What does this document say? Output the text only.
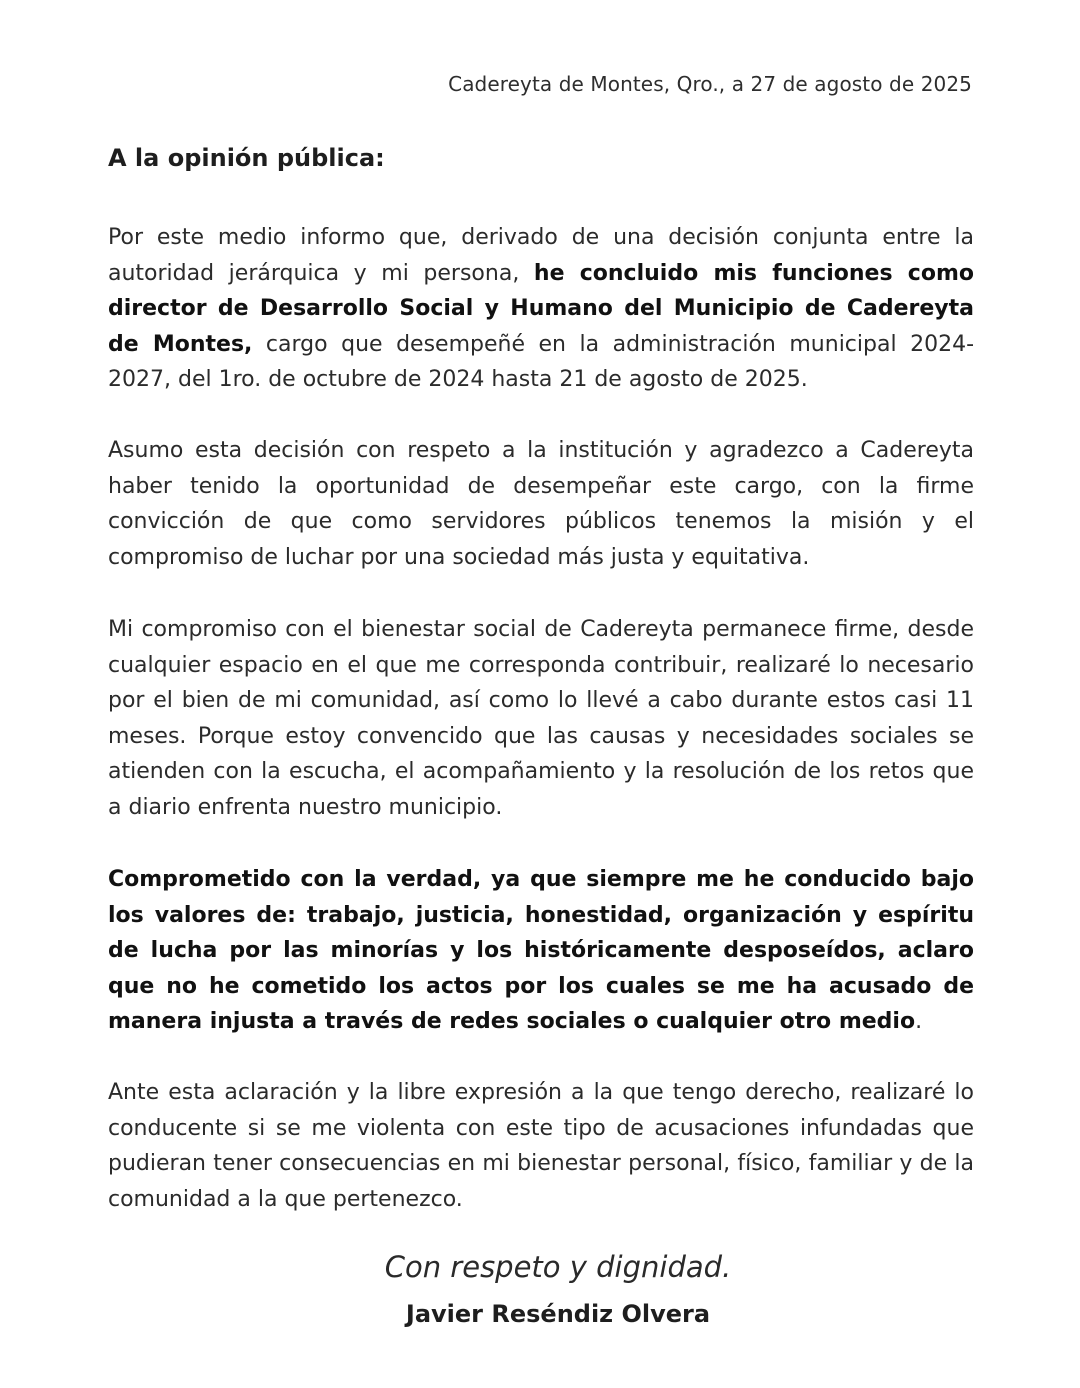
Cadereyta de Montes, Qro., a 27 de agosto de 2025
A la opinión pública:

Por este medio informo que, derivado de una decisión conjunta entre la autoridad jerárquica y mi persona, he concluido mis funciones como director de Desarrollo Social y Humano del Municipio de Cadereyta de Montes, cargo que desempeñé en la administración municipal 2024-2027, del 1ro. de octubre de 2024 hasta 21 de agosto de 2025.

Asumo esta decisión con respeto a la institución y agradezco a Cadereyta haber tenido la oportunidad de desempeñar este cargo, con la firme convicción de que como servidores públicos tenemos la misión y el compromiso de luchar por una sociedad más justa y equitativa.

Mi compromiso con el bienestar social de Cadereyta permanece firme, desde cualquier espacio en el que me corresponda contribuir, realizaré lo necesario por el bien de mi comunidad, así como lo llevé a cabo durante estos casi 11 meses. Porque estoy convencido que las causas y necesidades sociales se atienden con la escucha, el acompañamiento y la resolución de los retos que a diario enfrenta nuestro municipio.

Comprometido con la verdad, ya que siempre me he conducido bajo los valores de: trabajo, justicia, honestidad, organización y espíritu de lucha por las minorías y los históricamente desposeídos, aclaro que no he cometido los actos por los cuales se me ha acusado de manera injusta a través de redes sociales o cualquier otro medio.

Ante esta aclaración y la libre expresión a la que tengo derecho, realizaré lo conducente si se me violenta con este tipo de acusaciones infundadas que pudieran tener consecuencias en mi bienestar personal, físico, familiar y de la comunidad a la que pertenezco.

Con respeto y dignidad.
Javier Reséndiz Olvera
